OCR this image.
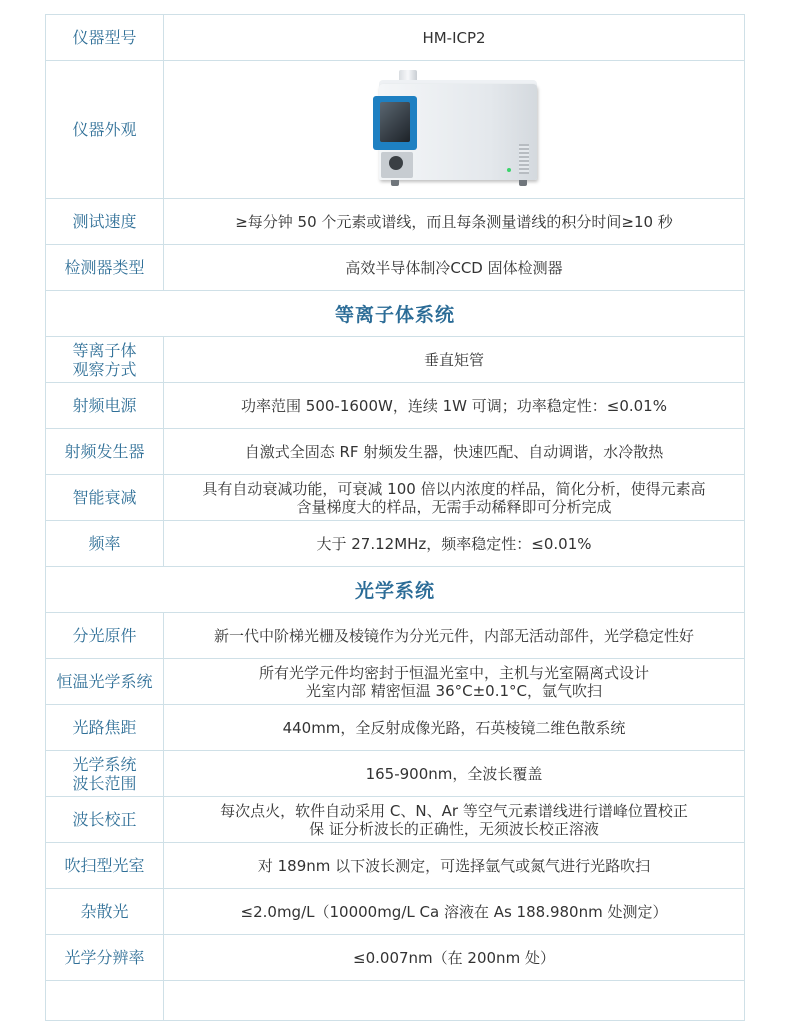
仪器型号	HM-ICP2
仪器外观	

测试速度	≥每分钟 50 个元素或谱线，而且每条测量谱线的积分时间≥10 秒
检测器类型	高效半导体制冷CCD 固体检测器
等离子体系统	

等离子体
观察方式	垂直矩管
射频电源	功率范围 500-1600W，连续 1W 可调；功率稳定性：≤0.01%
射频发生器	自激式全固态 RF 射频发生器，快速匹配、自动调谐，水冷散热
智能衰减	具有自动衰减功能，可衰减 100 倍以内浓度的样品，简化分析，使得元素高
含量梯度大的样品，无需手动稀释即可分析完成

频率	大于 27.12MHz，频率稳定性：≤0.01%
光学系统	
分光原件	新一代中阶梯光栅及棱镜作为分光元件，内部无活动部件，光学稳定性好
恒温光学系统	所有光学元件均密封于恒温光室中，主机与光室隔离式设计
光室内部 精密恒温 36°C±0.1°C，氩气吹扫

光路焦距	440mm，全反射成像光路，石英棱镜二维色散系统

光学系统
波长范围	165-900nm，全波长覆盖
波长校正	每次点火，软件自动采用 C、N、Ar 等空气元素谱线进行谱峰位置校正
保 证分析波长的正确性，无须波长校正溶液

吹扫型光室	对 189nm 以下波长测定，可选择氩气或氮气进行光路吹扫
杂散光	≤2.0mg/L（10000mg/L Ca 溶液在 As 188.980nm 处测定）
光学分辨率	≤0.007nm（在 200nm 处）
